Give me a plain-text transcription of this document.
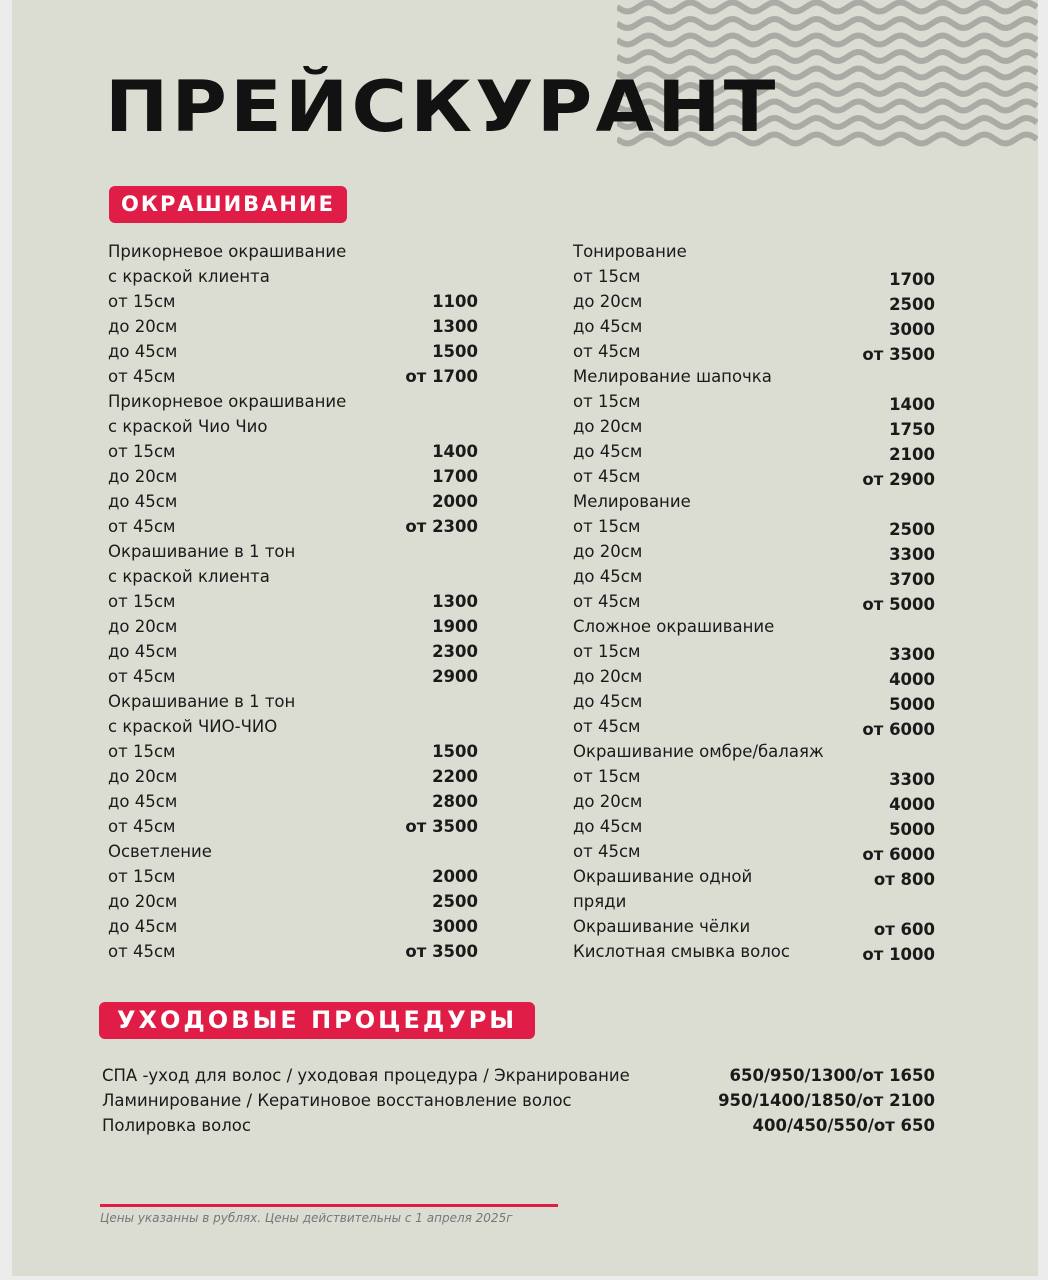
ПРЕЙСКУРАНТ
ОКРАШИВАНИЕ
Прикорневое окрашивание
с краской клиента
от 15см	1100
до 20см	1300
до 45см	1500
от 45см	от 1700
Прикорневое окрашивание
с краской Чио Чио
от 15см	1400
до 20см	1700
до 45см	2000
от 45см	от 2300
Окрашивание в 1 тон
с краской клиента
от 15см	1300
до 20см	1900
до 45см	2300
от 45см	2900
Окрашивание в 1 тон
с краской ЧИО-ЧИО
от 15см	1500
до 20см	2200
до 45см	2800
от 45см	от 3500
Осветление
от 15см	2000
до 20см	2500
до 45см	3000
от 45см	от 3500
Тонирование
от 15см	1700
до 20см	2500
до 45см	3000
от 45см	от 3500
Мелирование шапочка
от 15см	1400
до 20см	1750
до 45см	2100
от 45см	от 2900
Мелирование
от 15см	2500
до 20см	3300
до 45см	3700
от 45см	от 5000
Сложное окрашивание
от 15см	3300
до 20см	4000
до 45см	5000
от 45см	от 6000
Окрашивание омбре/балаяж
от 15см	3300
до 20см	4000
до 45см	5000
от 45см	от 6000
Окрашивание одной	от 800
пряди
Окрашивание чёлки	от 600
Кислотная смывка волос	от 1000
УХОДОВЫЕ ПРОЦЕДУРЫ
СПА -уход для волос / уходовая процедура / Экранирование	650/950/1300/от 1650
Ламинирование / Кератиновое восстановление волос	950/1400/1850/от 2100
Полировка волос	400/450/550/от 650
Цены указанны в рублях. Цены действительны с 1 апреля 2025г
